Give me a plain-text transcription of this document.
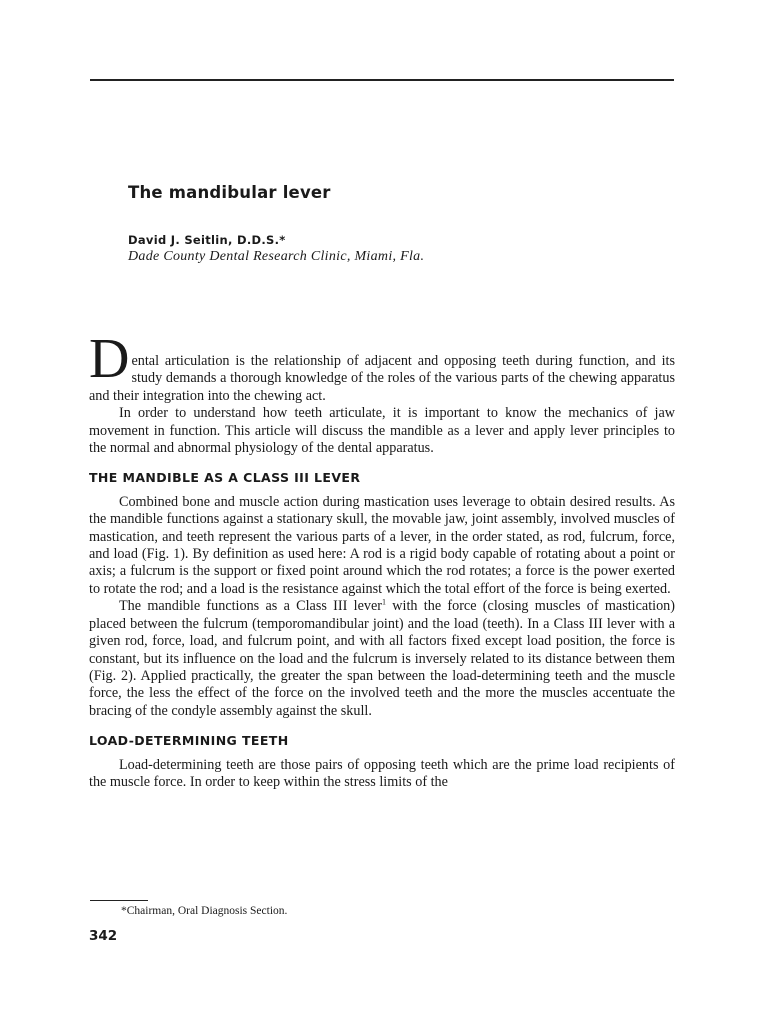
The mandibular lever
David J. Seitlin, D.D.S.*
Dade County Dental Research Clinic, Miami, Fla.

D ental articulation is the relationship of adjacent and opposing teeth during function, and its study demands a thorough knowledge of the roles of the various parts of the chewing apparatus and their integration into the chewing act.

In order to understand how teeth articulate, it is important to know the mechanics of jaw movement in function. This article will discuss the mandible as a lever and apply lever principles to the normal and abnormal physiology of the dental apparatus.

THE MANDIBLE AS A CLASS III LEVER

Combined bone and muscle action during mastication uses leverage to obtain desired results. As the mandible functions against a stationary skull, the movable jaw, joint assembly, involved muscles of mastication, and teeth represent the various parts of a lever, in the order stated, as rod, fulcrum, force, and load (Fig. 1). By definition as used here: A rod is a rigid body capable of rotating about a point or axis; a fulcrum is the support or fixed point around which the rod rotates; a force is the power exerted to rotate the rod; and a load is the resistance against which the total effort of the force is being exerted.

The mandible functions as a Class III lever$^1$ with the force (closing muscles of mastication) placed between the fulcrum (temporomandibular joint) and the load (teeth). In a Class III lever with a given rod, force, load, and fulcrum point, and with all factors fixed except load position, the force is constant, but its influence on the load and the fulcrum is inversely related to its distance between them (Fig. 2). Applied practically, the greater the span between the load-determining teeth and the muscle force, the less the effect of the force on the involved teeth and the more the muscles accentuate the bracing of the condyle assembly against the skull.

LOAD-DETERMINING TEETH

Load-determining teeth are those pairs of opposing teeth which are the prime load recipients of the muscle force. In order to keep within the stress limits of the

*Chairman, Oral Diagnosis Section.
342
